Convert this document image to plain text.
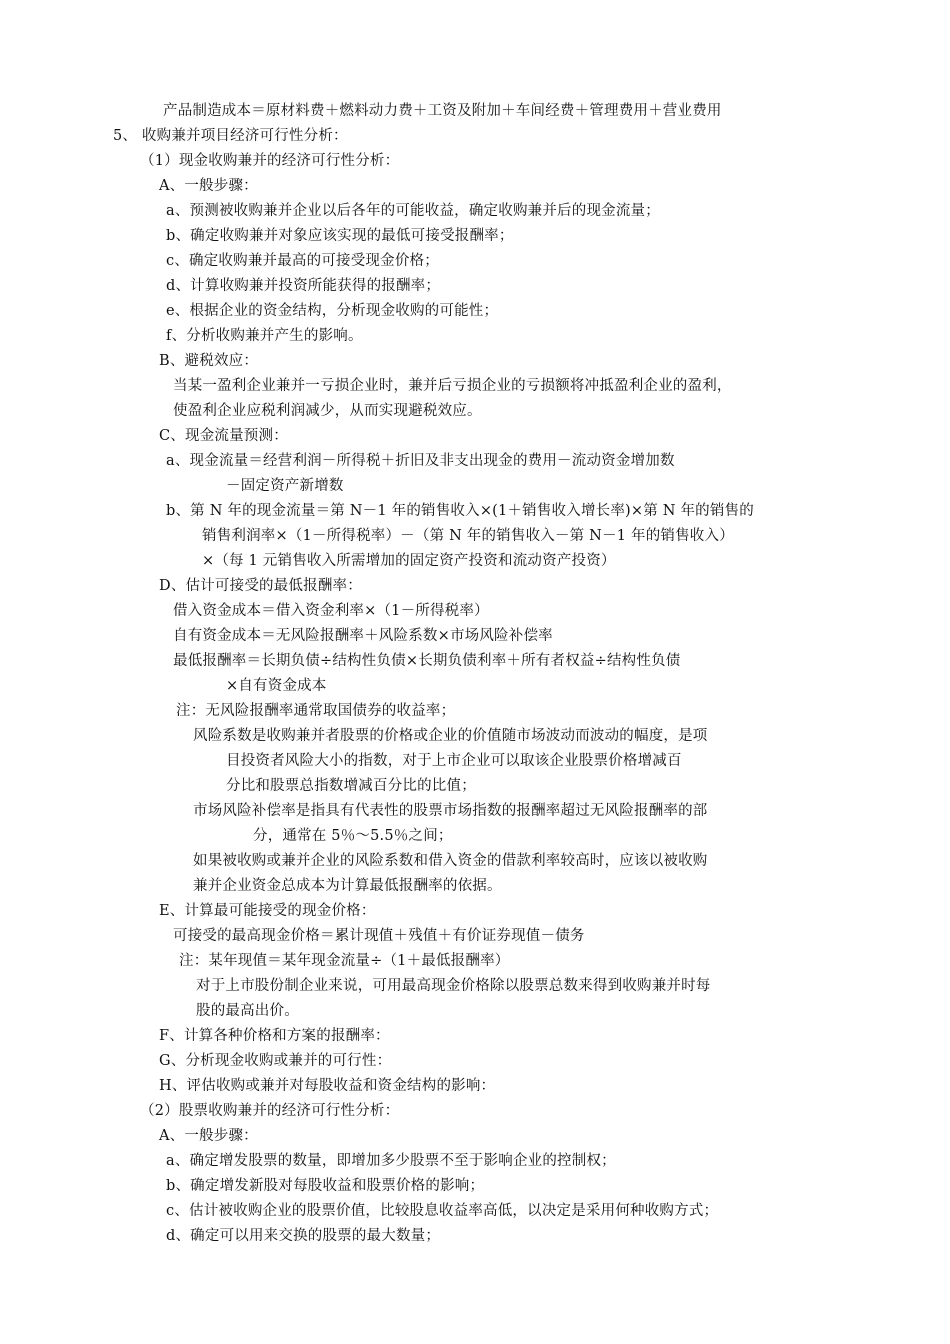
产品制造成本＝原材料费＋燃料动力费＋工资及附加＋车间经费＋管理费用＋营业费用
5、 收购兼并项目经济可行性分析：
（1）现金收购兼并的经济可行性分析：
A、一般步骤：
a、预测被收购兼并企业以后各年的可能收益，确定收购兼并后的现金流量；
b、确定收购兼并对象应该实现的最低可接受报酬率；
c、确定收购兼并最高的可接受现金价格；
d、计算收购兼并投资所能获得的报酬率；
e、根据企业的资金结构，分析现金收购的可能性；
f、分析收购兼并产生的影响。
B、避税效应：
当某一盈利企业兼并一亏损企业时，兼并后亏损企业的亏损额将冲抵盈利企业的盈利，
使盈利企业应税利润减少，从而实现避税效应。
C、现金流量预测：
a、现金流量＝经营利润－所得税＋折旧及非支出现金的费用－流动资金增加数
－固定资产新增数
b、第 N 年的现金流量＝第 N－1 年的销售收入×(1＋销售收入增长率)×第 N 年的销售的
销售利润率×（1－所得税率）－（第 N 年的销售收入－第 N－1 年的销售收入）
×（每 1 元销售收入所需增加的固定资产投资和流动资产投资）
D、估计可接受的最低报酬率：
借入资金成本＝借入资金利率×（1－所得税率）
自有资金成本＝无风险报酬率＋风险系数×市场风险补偿率
最低报酬率＝长期负债÷结构性负债×长期负债利率＋所有者权益÷结构性负债
×自有资金成本
注：无风险报酬率通常取国债券的收益率；
风险系数是收购兼并者股票的价格或企业的价值随市场波动而波动的幅度，是项
目投资者风险大小的指数，对于上市企业可以取该企业股票价格增减百
分比和股票总指数增减百分比的比值；
市场风险补偿率是指具有代表性的股票市场指数的报酬率超过无风险报酬率的部
分，通常在 5％～5.5％之间；
如果被收购或兼并企业的风险系数和借入资金的借款利率较高时，应该以被收购
兼并企业资金总成本为计算最低报酬率的依据。
E、计算最可能接受的现金价格：
可接受的最高现金价格＝累计现值＋残值＋有价证券现值－债务
注：某年现值＝某年现金流量÷（1＋最低报酬率）
对于上市股份制企业来说，可用最高现金价格除以股票总数来得到收购兼并时每
股的最高出价。
F、计算各种价格和方案的报酬率：
G、分析现金收购或兼并的可行性：
H、评估收购或兼并对每股收益和资金结构的影响：
（2）股票收购兼并的经济可行性分析：
A、一般步骤：
a、确定增发股票的数量，即增加多少股票不至于影响企业的控制权；
b、确定增发新股对每股收益和股票价格的影响；
c、估计被收购企业的股票价值，比较股息收益率高低，以决定是采用何种收购方式；
d、确定可以用来交换的股票的最大数量；
